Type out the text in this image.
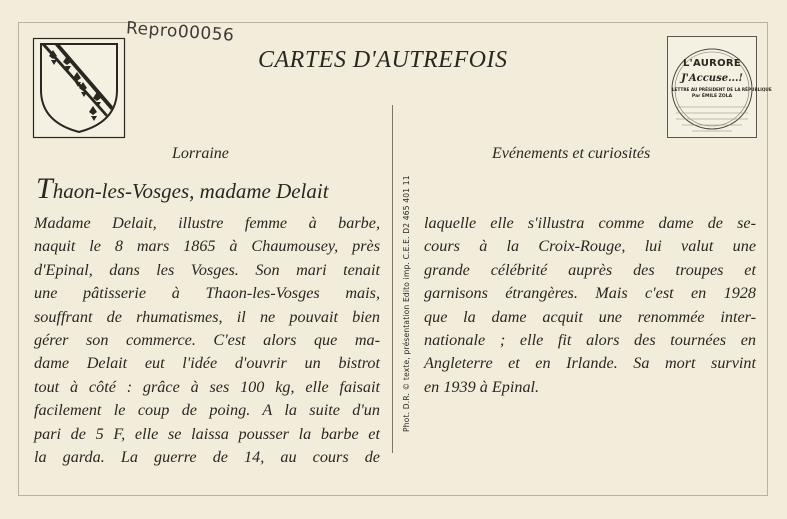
Repro00056
CARTES D'AUTREFOIS	L'AURORE
J'Accuse...!
LETTRE AU PRÉSIDENT DE LA RÉPUBLIQUE
Par ÉMILE ZOLA
Lorraine	Evénements et curiosités
Phot. D.R. © texte, présentation Edito imp. C.E.E. D2 465 401 11
Thaon-les-Vosges, madame Delait
Madame Delait, illustre femme à barbe,
naquit le 8 mars 1865 à Chaumousey, près
d'Epinal, dans les Vosges. Son mari tenait
une pâtisserie à Thaon-les-Vosges mais,
souffrant de rhumatismes, il ne pouvait bien
gérer son commerce. C'est alors que ma-
dame Delait eut l'idée d'ouvrir un bistrot
tout à côté : grâce à ses 100 kg, elle faisait
facilement le coup de poing. A la suite d'un
pari de 5 F, elle se laissa pousser la barbe et
la garda. La guerre de 14, au cours de
laquelle elle s'illustra comme dame de se-
cours à la Croix-Rouge, lui valut une
grande célébrité auprès des troupes et
garnisons étrangères. Mais c'est en 1928
que la dame acquit une renommée inter-
nationale ; elle fit alors des tournées en
Angleterre et en Irlande. Sa mort survint
en 1939 à Epinal.
